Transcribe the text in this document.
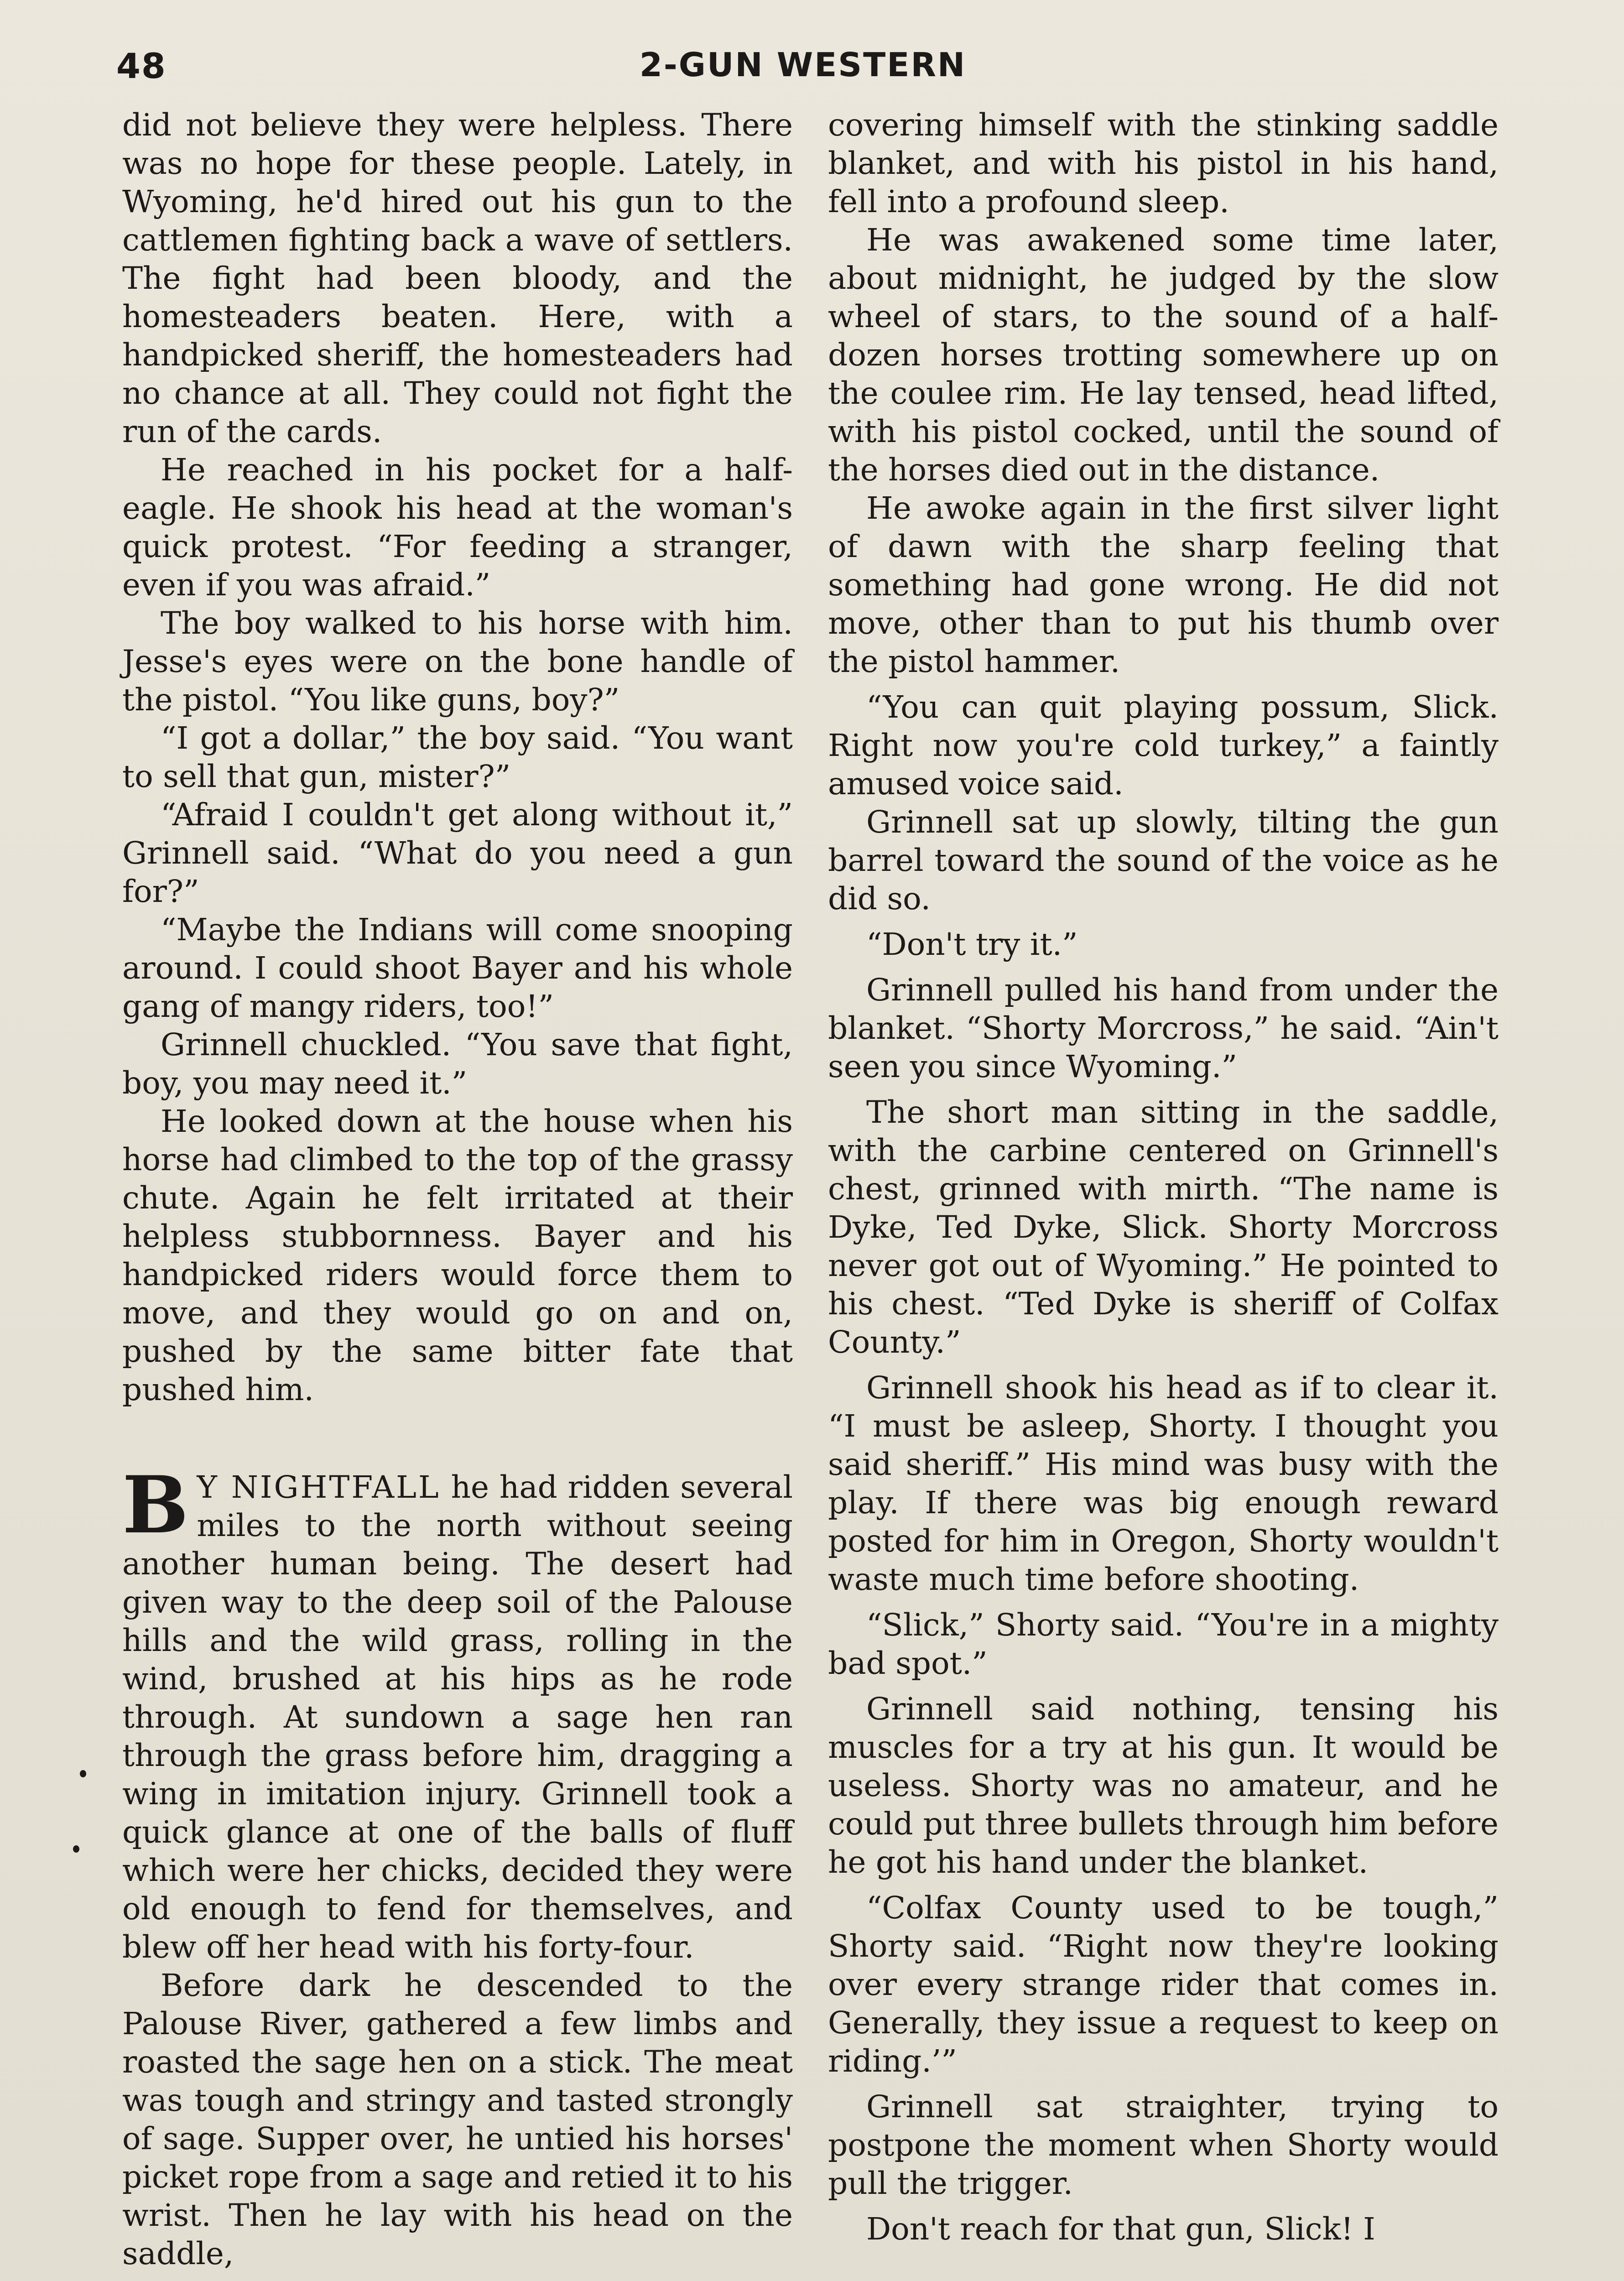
48	2-GUN WESTERN

did not believe they were helpless. There was no hope for these people. Lately, in Wyoming, he'd hired out his gun to the cattlemen fighting back a wave of settlers. The fight had been bloody, and the homesteaders beaten. Here, with a handpicked sheriff, the homesteaders had no chance at all. They could not fight the run of the cards.

He reached in his pocket for a half-eagle. He shook his head at the woman's quick protest. “For feeding a stranger, even if you was afraid.”

The boy walked to his horse with him. Jesse's eyes were on the bone handle of the pistol. “You like guns, boy?”

“I got a dollar,” the boy said. “You want to sell that gun, mister?”

“Afraid I couldn't get along without it,” Grinnell said. “What do you need a gun for?”

“Maybe the Indians will come snooping around. I could shoot Bayer and his whole gang of mangy riders, too!”

Grinnell chuckled. “You save that fight, boy, you may need it.”

He looked down at the house when his horse had climbed to the top of the grassy chute. Again he felt irritated at their helpless stubbornness. Bayer and his handpicked riders would force them to move, and they would go on and on, pushed by the same bitter fate that pushed him.

B Y NIGHTFALL he had ridden several miles to the north without seeing another human being. The desert had given way to the deep soil of the Palouse hills and the wild grass, rolling in the wind, brushed at his hips as he rode through. At sundown a sage hen ran through the grass before him, dragging a wing in imitation injury. Grinnell took a quick glance at one of the balls of fluff which were her chicks, decided they were old enough to fend for themselves, and blew off her head with his forty-four.

Before dark he descended to the Palouse River, gathered a few limbs and roasted the sage hen on a stick. The meat was tough and stringy and tasted strongly of sage. Supper over, he untied his horses' picket rope from a sage and retied it to his wrist. Then he lay with his head on the saddle,

covering himself with the stinking saddle blanket, and with his pistol in his hand, fell into a profound sleep.

He was awakened some time later, about midnight, he judged by the slow wheel of stars, to the sound of a half-dozen horses trotting somewhere up on the coulee rim. He lay tensed, head lifted, with his pistol cocked, until the sound of the horses died out in the distance.

He awoke again in the first silver light of dawn with the sharp feeling that something had gone wrong. He did not move, other than to put his thumb over the pistol hammer.

“You can quit playing possum, Slick. Right now you're cold turkey,” a faintly amused voice said.

Grinnell sat up slowly, tilting the gun barrel toward the sound of the voice as he did so.

“Don't try it.”

Grinnell pulled his hand from under the blanket. “Shorty Morcross,” he said. “Ain't seen you since Wyoming.”

The short man sitting in the saddle, with the carbine centered on Grinnell's chest, grinned with mirth. “The name is Dyke, Ted Dyke, Slick. Shorty Morcross never got out of Wyoming.” He pointed to his chest. “Ted Dyke is sheriff of Colfax County.”

Grinnell shook his head as if to clear it. “I must be asleep, Shorty. I thought you said sheriff.” His mind was busy with the play. If there was big enough reward posted for him in Oregon, Shorty wouldn't waste much time before shooting.

“Slick,” Shorty said. “You're in a mighty bad spot.”

Grinnell said nothing, tensing his muscles for a try at his gun. It would be useless. Shorty was no amateur, and he could put three bullets through him before he got his hand under the blanket.

“Colfax County used to be tough,” Shorty said. “Right now they're looking over every strange rider that comes in. Generally, they issue a request to keep on riding.’”

Grinnell sat straighter, trying to postpone the moment when Shorty would pull the trigger.

Don't reach for that gun, Slick! I
